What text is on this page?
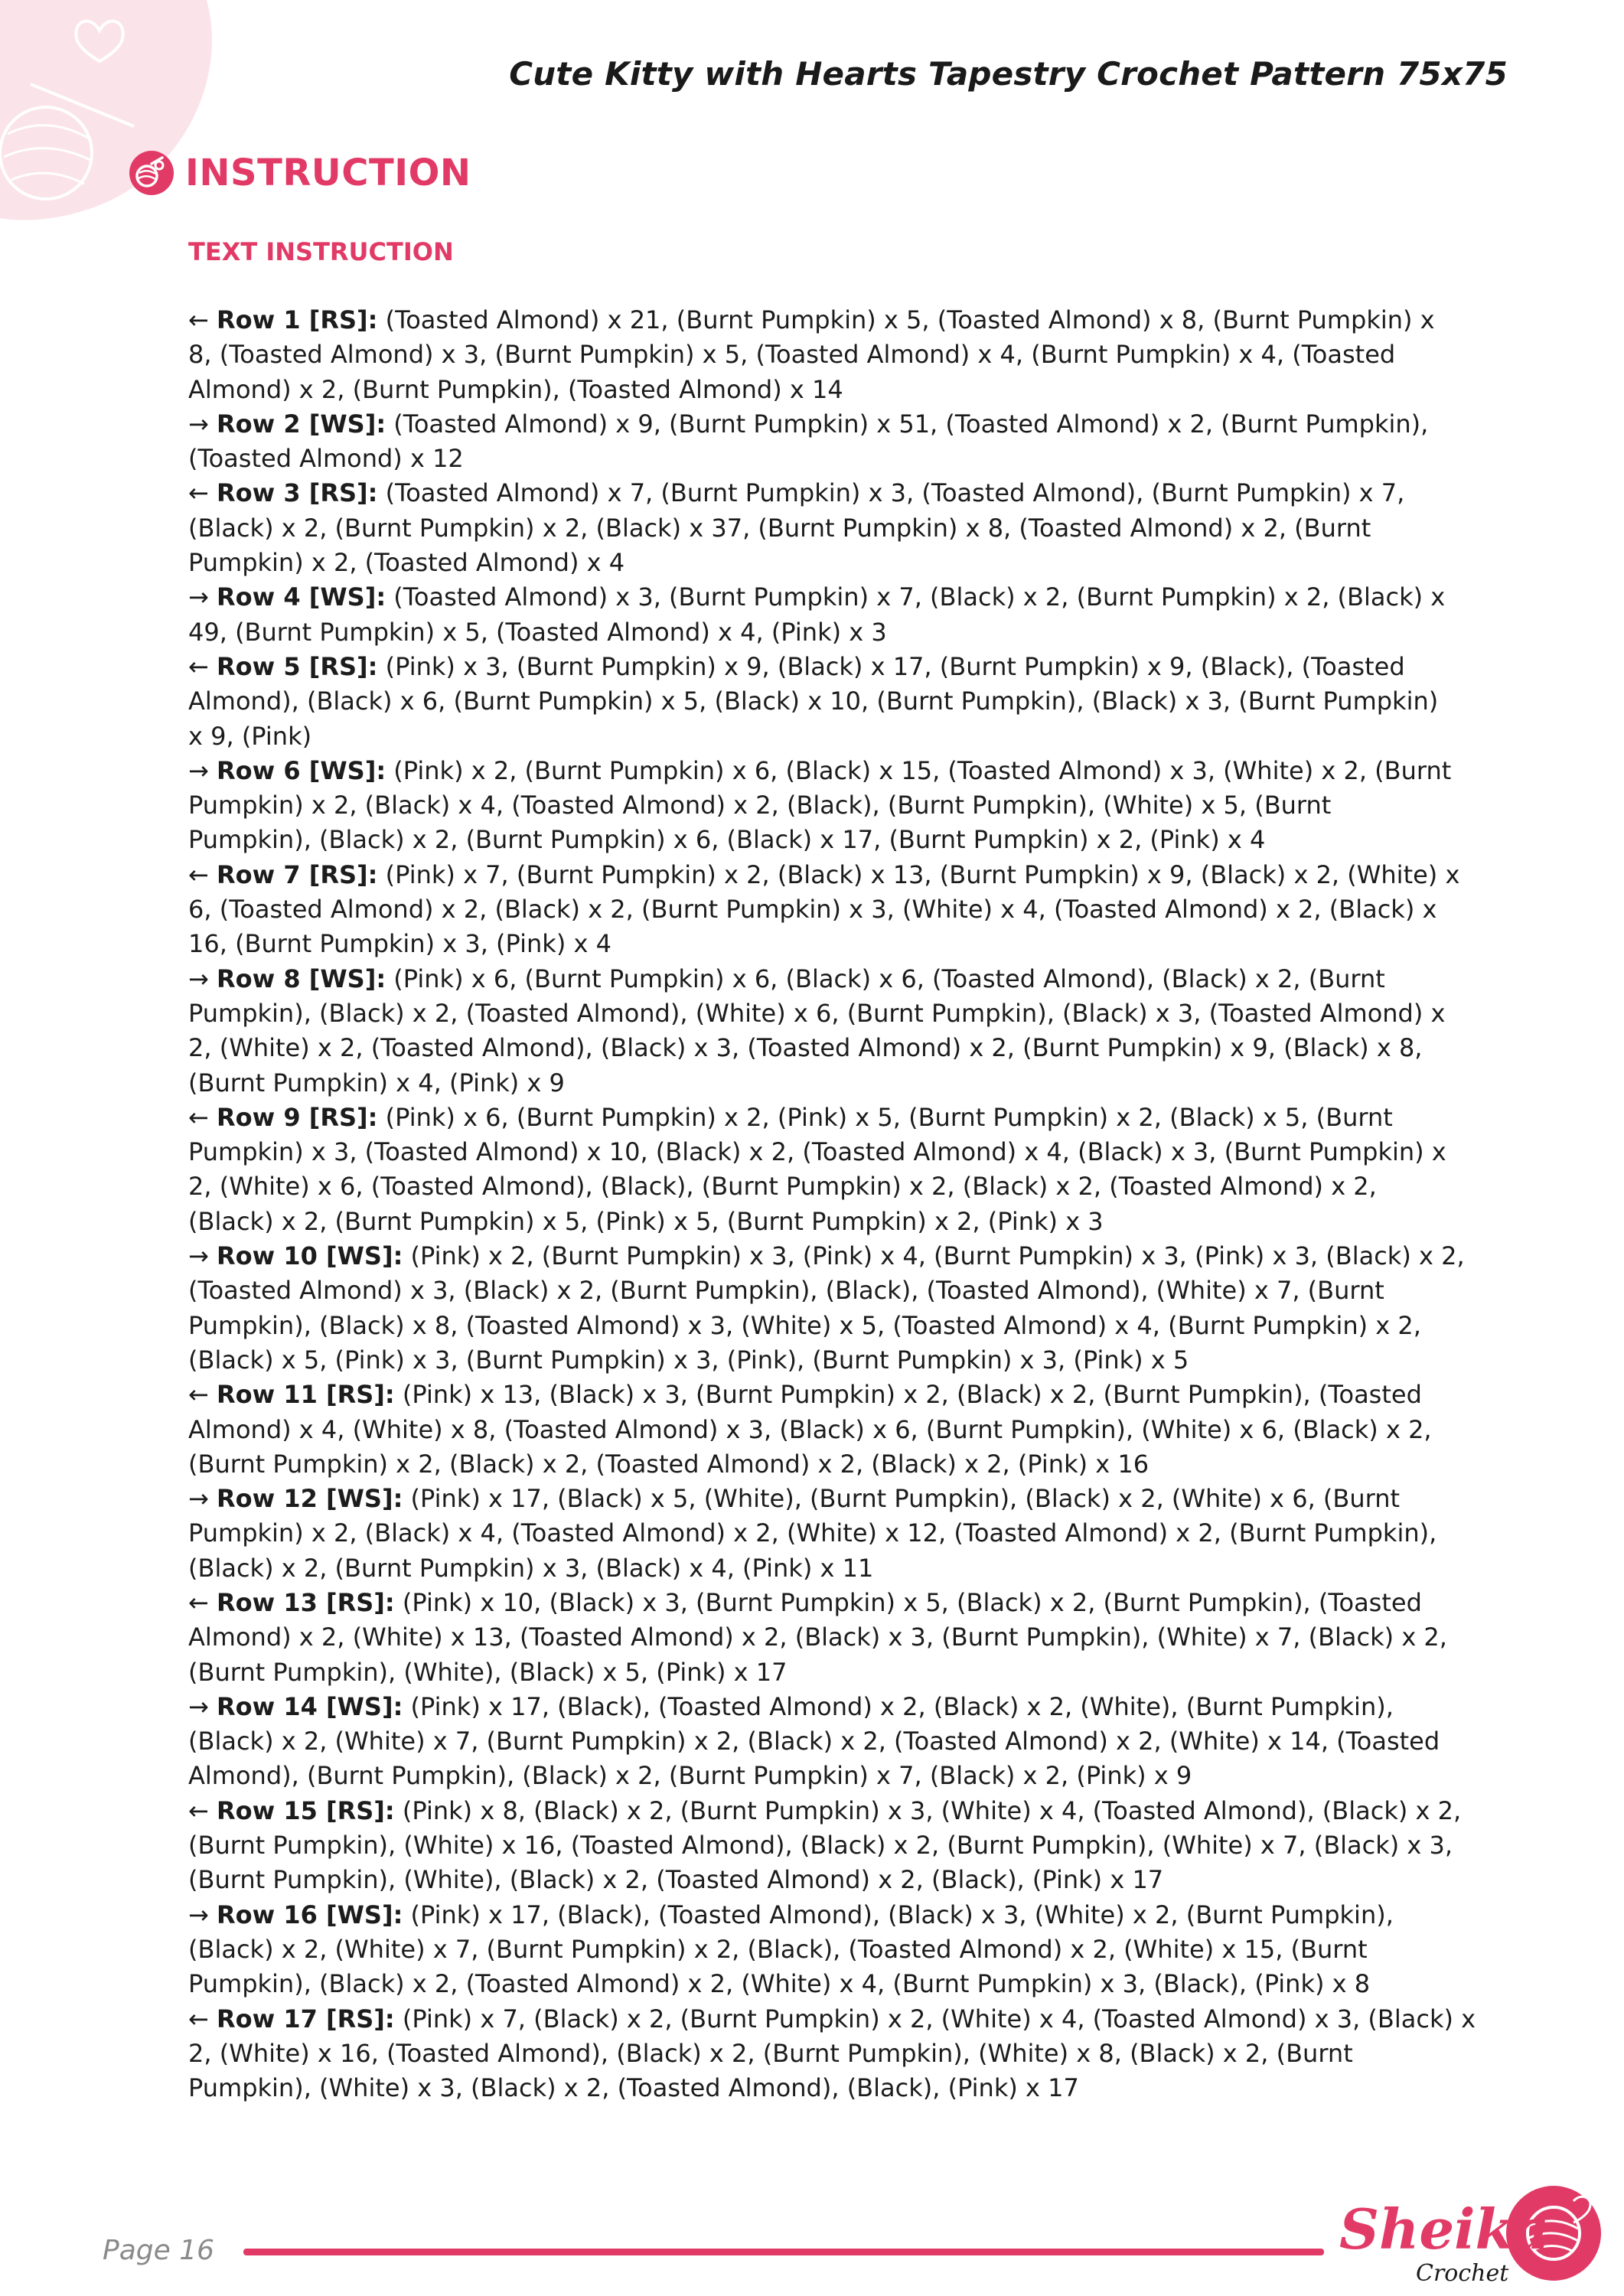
Cute Kitty with Hearts Tapestry Crochet Pattern 75x75
INSTRUCTION
TEXT INSTRUCTION
← Row 1 [RS]: (Toasted Almond) x 21, (Burnt Pumpkin) x 5, (Toasted Almond) x 8, (Burnt Pumpkin) x
8, (Toasted Almond) x 3, (Burnt Pumpkin) x 5, (Toasted Almond) x 4, (Burnt Pumpkin) x 4, (Toasted
Almond) x 2, (Burnt Pumpkin), (Toasted Almond) x 14
→ Row 2 [WS]: (Toasted Almond) x 9, (Burnt Pumpkin) x 51, (Toasted Almond) x 2, (Burnt Pumpkin),
(Toasted Almond) x 12
← Row 3 [RS]: (Toasted Almond) x 7, (Burnt Pumpkin) x 3, (Toasted Almond), (Burnt Pumpkin) x 7,
(Black) x 2, (Burnt Pumpkin) x 2, (Black) x 37, (Burnt Pumpkin) x 8, (Toasted Almond) x 2, (Burnt
Pumpkin) x 2, (Toasted Almond) x 4
→ Row 4 [WS]: (Toasted Almond) x 3, (Burnt Pumpkin) x 7, (Black) x 2, (Burnt Pumpkin) x 2, (Black) x
49, (Burnt Pumpkin) x 5, (Toasted Almond) x 4, (Pink) x 3
← Row 5 [RS]: (Pink) x 3, (Burnt Pumpkin) x 9, (Black) x 17, (Burnt Pumpkin) x 9, (Black), (Toasted
Almond), (Black) x 6, (Burnt Pumpkin) x 5, (Black) x 10, (Burnt Pumpkin), (Black) x 3, (Burnt Pumpkin)
x 9, (Pink)
→ Row 6 [WS]: (Pink) x 2, (Burnt Pumpkin) x 6, (Black) x 15, (Toasted Almond) x 3, (White) x 2, (Burnt
Pumpkin) x 2, (Black) x 4, (Toasted Almond) x 2, (Black), (Burnt Pumpkin), (White) x 5, (Burnt
Pumpkin), (Black) x 2, (Burnt Pumpkin) x 6, (Black) x 17, (Burnt Pumpkin) x 2, (Pink) x 4
← Row 7 [RS]: (Pink) x 7, (Burnt Pumpkin) x 2, (Black) x 13, (Burnt Pumpkin) x 9, (Black) x 2, (White) x
6, (Toasted Almond) x 2, (Black) x 2, (Burnt Pumpkin) x 3, (White) x 4, (Toasted Almond) x 2, (Black) x
16, (Burnt Pumpkin) x 3, (Pink) x 4
→ Row 8 [WS]: (Pink) x 6, (Burnt Pumpkin) x 6, (Black) x 6, (Toasted Almond), (Black) x 2, (Burnt
Pumpkin), (Black) x 2, (Toasted Almond), (White) x 6, (Burnt Pumpkin), (Black) x 3, (Toasted Almond) x
2, (White) x 2, (Toasted Almond), (Black) x 3, (Toasted Almond) x 2, (Burnt Pumpkin) x 9, (Black) x 8,
(Burnt Pumpkin) x 4, (Pink) x 9
← Row 9 [RS]: (Pink) x 6, (Burnt Pumpkin) x 2, (Pink) x 5, (Burnt Pumpkin) x 2, (Black) x 5, (Burnt
Pumpkin) x 3, (Toasted Almond) x 10, (Black) x 2, (Toasted Almond) x 4, (Black) x 3, (Burnt Pumpkin) x
2, (White) x 6, (Toasted Almond), (Black), (Burnt Pumpkin) x 2, (Black) x 2, (Toasted Almond) x 2,
(Black) x 2, (Burnt Pumpkin) x 5, (Pink) x 5, (Burnt Pumpkin) x 2, (Pink) x 3
→ Row 10 [WS]: (Pink) x 2, (Burnt Pumpkin) x 3, (Pink) x 4, (Burnt Pumpkin) x 3, (Pink) x 3, (Black) x 2,
(Toasted Almond) x 3, (Black) x 2, (Burnt Pumpkin), (Black), (Toasted Almond), (White) x 7, (Burnt
Pumpkin), (Black) x 8, (Toasted Almond) x 3, (White) x 5, (Toasted Almond) x 4, (Burnt Pumpkin) x 2,
(Black) x 5, (Pink) x 3, (Burnt Pumpkin) x 3, (Pink), (Burnt Pumpkin) x 3, (Pink) x 5
← Row 11 [RS]: (Pink) x 13, (Black) x 3, (Burnt Pumpkin) x 2, (Black) x 2, (Burnt Pumpkin), (Toasted
Almond) x 4, (White) x 8, (Toasted Almond) x 3, (Black) x 6, (Burnt Pumpkin), (White) x 6, (Black) x 2,
(Burnt Pumpkin) x 2, (Black) x 2, (Toasted Almond) x 2, (Black) x 2, (Pink) x 16
→ Row 12 [WS]: (Pink) x 17, (Black) x 5, (White), (Burnt Pumpkin), (Black) x 2, (White) x 6, (Burnt
Pumpkin) x 2, (Black) x 4, (Toasted Almond) x 2, (White) x 12, (Toasted Almond) x 2, (Burnt Pumpkin),
(Black) x 2, (Burnt Pumpkin) x 3, (Black) x 4, (Pink) x 11
← Row 13 [RS]: (Pink) x 10, (Black) x 3, (Burnt Pumpkin) x 5, (Black) x 2, (Burnt Pumpkin), (Toasted
Almond) x 2, (White) x 13, (Toasted Almond) x 2, (Black) x 3, (Burnt Pumpkin), (White) x 7, (Black) x 2,
(Burnt Pumpkin), (White), (Black) x 5, (Pink) x 17
→ Row 14 [WS]: (Pink) x 17, (Black), (Toasted Almond) x 2, (Black) x 2, (White), (Burnt Pumpkin),
(Black) x 2, (White) x 7, (Burnt Pumpkin) x 2, (Black) x 2, (Toasted Almond) x 2, (White) x 14, (Toasted
Almond), (Burnt Pumpkin), (Black) x 2, (Burnt Pumpkin) x 7, (Black) x 2, (Pink) x 9
← Row 15 [RS]: (Pink) x 8, (Black) x 2, (Burnt Pumpkin) x 3, (White) x 4, (Toasted Almond), (Black) x 2,
(Burnt Pumpkin), (White) x 16, (Toasted Almond), (Black) x 2, (Burnt Pumpkin), (White) x 7, (Black) x 3,
(Burnt Pumpkin), (White), (Black) x 2, (Toasted Almond) x 2, (Black), (Pink) x 17
→ Row 16 [WS]: (Pink) x 17, (Black), (Toasted Almond), (Black) x 3, (White) x 2, (Burnt Pumpkin),
(Black) x 2, (White) x 7, (Burnt Pumpkin) x 2, (Black), (Toasted Almond) x 2, (White) x 15, (Burnt
Pumpkin), (Black) x 2, (Toasted Almond) x 2, (White) x 4, (Burnt Pumpkin) x 3, (Black), (Pink) x 8
← Row 17 [RS]: (Pink) x 7, (Black) x 2, (Burnt Pumpkin) x 2, (White) x 4, (Toasted Almond) x 3, (Black) x
2, (White) x 16, (Toasted Almond), (Black) x 2, (Burnt Pumpkin), (White) x 8, (Black) x 2, (Burnt
Pumpkin), (White) x 3, (Black) x 2, (Toasted Almond), (Black), (Pink) x 17
Page 16	Sheika
Crochet
